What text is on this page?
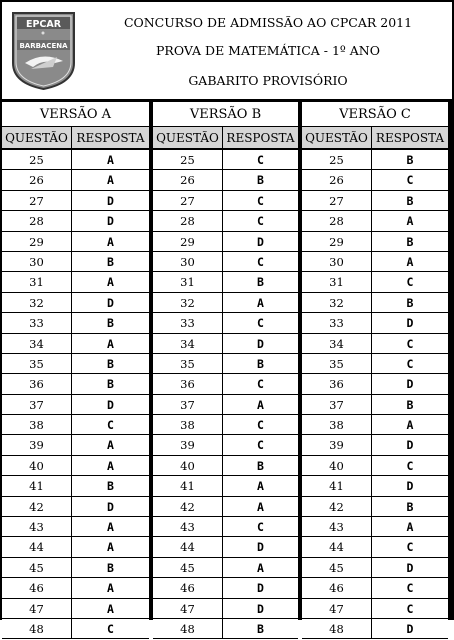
EPCAR
BARBACENA
CONCURSO DE ADMISSÃO AO CPCAR 2011
PROVA DE MATEMÁTICA - 1º ANO
GABARITO PROVISÓRIO
VERSÃO A
QUESTÃO RESPOSTA
25	A
26	A
27	D
28	D
29	A
30	B
31	A
32	D
33	B
34	A
35	B
36	B
37	D
38	C
39	A
40	A
41	B
42	D
43	A
44	A
45	B
46	A
47	A
48	C
VERSÃO B
QUESTÃO RESPOSTA
25	C
26	B
27	C
28	C
29	D
30	C
31	B
32	A
33	C
34	D
35	B
36	C
37	A
38	C
39	C
40	B
41	A
42	A
43	C
44	D
45	A
46	D
47	D
48	B
VERSÃO C
QUESTÃO RESPOSTA
25	B
26	C
27	B
28	A
29	B
30	A
31	C
32	B
33	D
34	C
35	C
36	D
37	B
38	A
39	D
40	C
41	D
42	B
43	A
44	C
45	D
46	C
47	C
48	D
